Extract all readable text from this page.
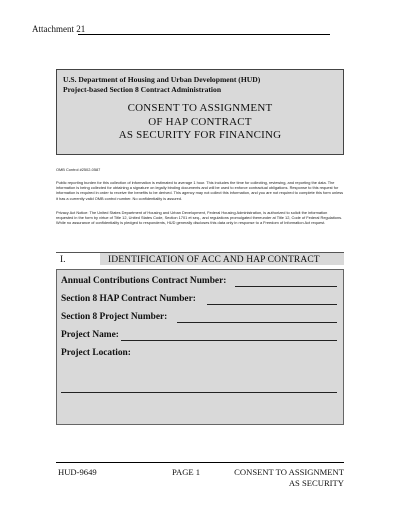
Attachment 21
U.S. Department of Housing and Urban Development (HUD)
Project-based Section 8 Contract Administration
CONSENT TO ASSIGNMENT
OF HAP CONTRACT
AS SECURITY FOR FINANCING
OMB Control #2502-0587
Public reporting burden for this collection of information is estimated to average 1 hour. This includes the time for collecting, reviewing, and reporting the data. The information is being collected for obtaining a signature on legally binding documents and will be used to enforce contractual obligations. Response to this request for information is required in order to receive the benefits to be derived. This agency may not collect this information, and you are not required to complete this form unless it has a currently valid OMB control number. No confidentiality is assured.
Privacy Act Notice: The United States Department of Housing and Urban Development, Federal Housing Administration, is authorized to solicit the information requested in the form by virtue of Title 12, United States Code, Section 1701 et seq., and regulations promulgated thereunder at Title 12, Code of Federal Regulations. While no assurance of confidentiality is pledged to respondents, HUD generally discloses this data only in response to a Freedom of Information Act request.
I.	IDENTIFICATION OF ACC AND HAP CONTRACT
Annual Contributions Contract Number:
Section 8 HAP Contract Number:
Section 8 Project Number:
Project Name:
Project Location:
HUD-9649	PAGE 1	CONSENT TO ASSIGNMENT
AS SECURITY
